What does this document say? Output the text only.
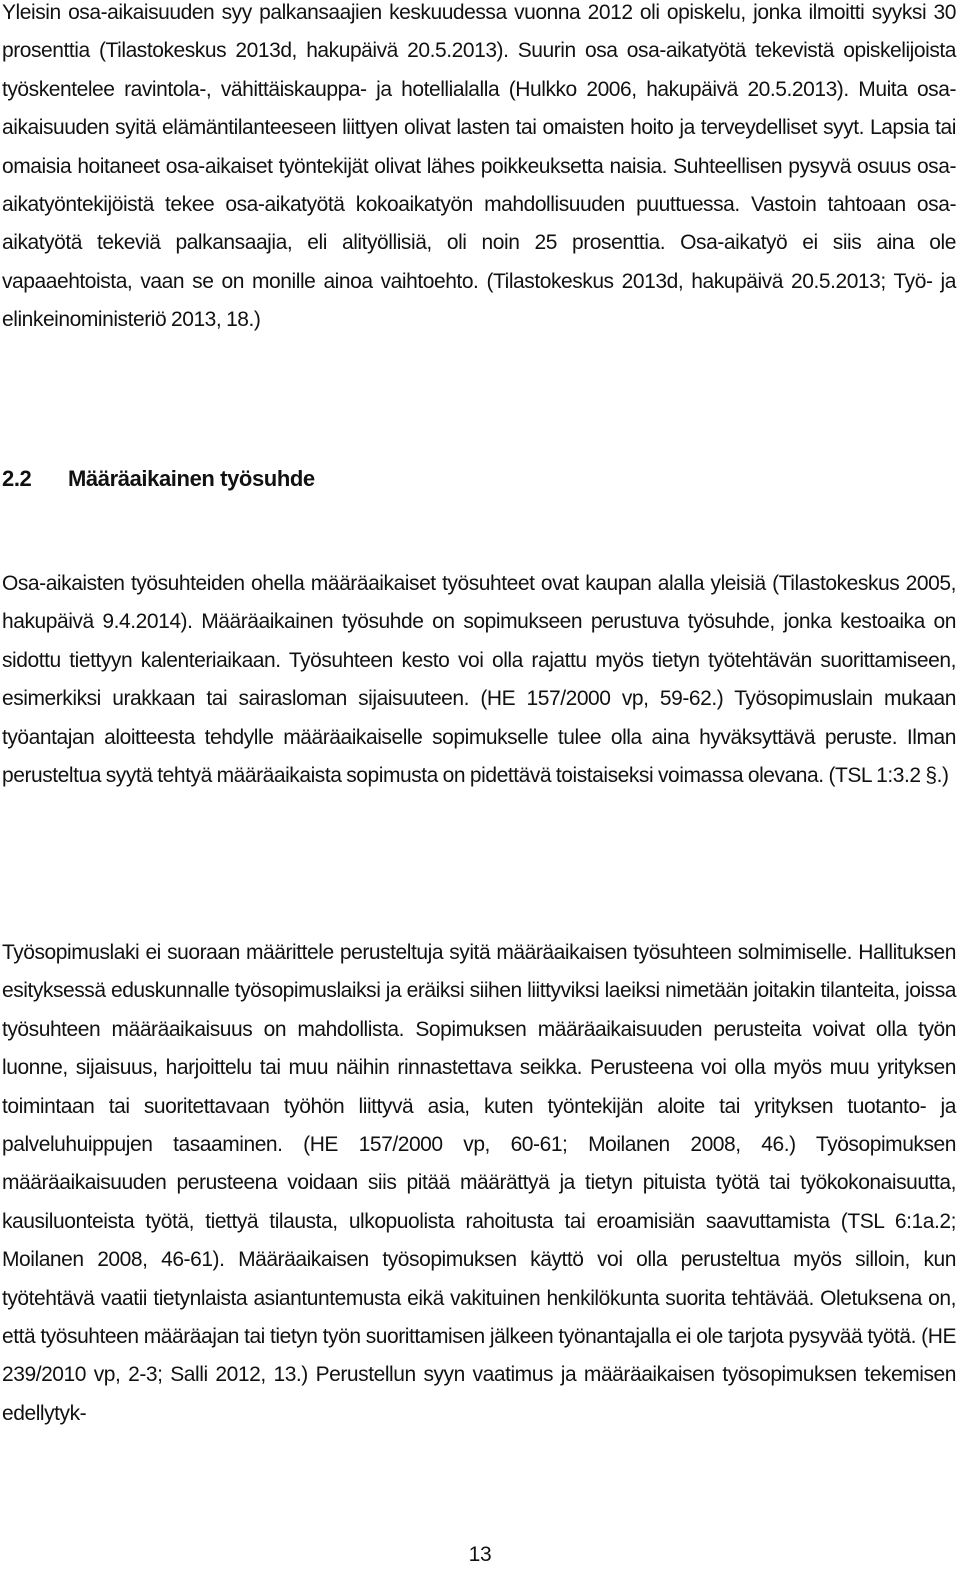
Yleisin osa-aikaisuuden syy palkansaajien keskuudessa vuonna 2012 oli opiskelu, jonka ilmoitti syyksi 30 prosenttia (Tilastokeskus 2013d, hakupäivä 20.5.2013). Suurin osa osa-aikatyötä tekevistä opiskelijoista työskentelee ravintola-, vähittäiskauppa- ja hotellialalla (Hulkko 2006, hakupäivä 20.5.2013). Muita osa-aikaisuuden syitä elämäntilanteeseen liittyen olivat lasten tai omaisten hoito ja terveydelliset syyt. Lapsia tai omaisia hoitaneet osa-aikaiset työntekijät olivat lähes poikkeuksetta naisia. Suhteellisen pysyvä osuus osa-aikatyöntekijöistä tekee osa-aikatyötä kokoaikatyön mahdollisuuden puuttuessa. Vastoin tahtoaan osa-aikatyötä tekeviä palkansaajia, eli alityöllisiä, oli noin 25 prosenttia. Osa-aikatyö ei siis aina ole vapaaehtoista, vaan se on monille ainoa vaihtoehto. (Tilastokeskus 2013d, hakupäivä 20.5.2013; Työ- ja elinkeinoministeriö 2013, 18.)

2.2 Määräaikainen työsuhde

Osa-aikaisten työsuhteiden ohella määräaikaiset työsuhteet ovat kaupan alalla yleisiä (Tilastokeskus 2005, hakupäivä 9.4.2014). Määräaikainen työsuhde on sopimukseen perustuva työsuhde, jonka kestoaika on sidottu tiettyyn kalenteriaikaan. Työsuhteen kesto voi olla rajattu myös tietyn työtehtävän suorittamiseen, esimerkiksi urakkaan tai sairasloman sijaisuuteen. (HE 157/2000 vp, 59-62.) Työsopimuslain mukaan työantajan aloitteesta tehdylle määräaikaiselle sopimukselle tulee olla aina hyväksyttävä peruste. Ilman perusteltua syytä tehtyä määräaikaista sopimusta on pidettävä toistaiseksi voimassa olevana. (TSL 1:3.2 §.)

Työsopimuslaki ei suoraan määrittele perusteltuja syitä määräaikaisen työsuhteen solmimiselle. Hallituksen esityksessä eduskunnalle työsopimuslaiksi ja eräiksi siihen liittyviksi laeiksi nimetään joitakin tilanteita, joissa työsuhteen määräaikaisuus on mahdollista. Sopimuksen määräaikaisuuden perusteita voivat olla työn luonne, sijaisuus, harjoittelu tai muu näihin rinnastettava seikka. Perusteena voi olla myös muu yrityksen toimintaan tai suoritettavaan työhön liittyvä asia, kuten työntekijän aloite tai yrityksen tuotanto- ja palveluhuippujen tasaaminen. (HE 157/2000 vp, 60-61; Moilanen 2008, 46.) Työsopimuksen määräaikaisuuden perusteena voidaan siis pitää määrättyä ja tietyn pituista työtä tai työkokonaisuutta, kausiluonteista työtä, tiettyä tilausta, ulkopuolista rahoitusta tai eroamisiän saavuttamista (TSL 6:1a.2; Moilanen 2008, 46-61). Määräaikaisen työsopimuksen käyttö voi olla perusteltua myös silloin, kun työtehtävä vaatii tietynlaista asiantuntemusta eikä vakituinen henkilökunta suorita tehtävää. Oletuksena on, että työsuhteen määräajan tai tietyn työn suorittamisen jälkeen työnantajalla ei ole tarjota pysyvää työtä. (HE 239/2010 vp, 2-3; Salli 2012, 13.) Perustellun syyn vaatimus ja määräaikaisen työsopimuksen tekemisen edellytyk-

13
